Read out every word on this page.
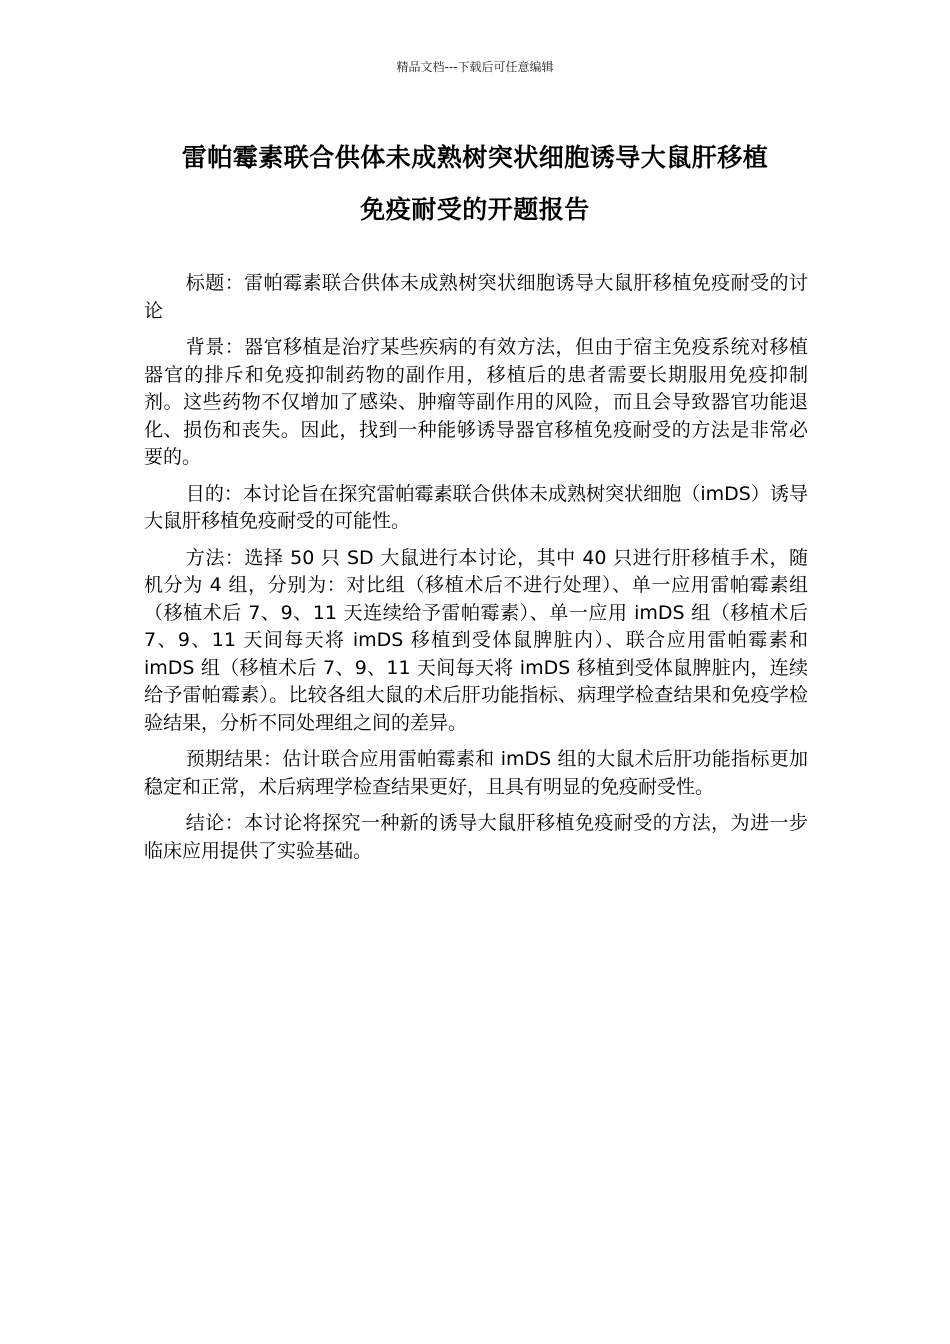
精品文档---下载后可任意编辑
雷帕霉素联合供体未成熟树突状细胞诱导大鼠肝移植
免疫耐受的开题报告

标题：雷帕霉素联合供体未成熟树突状细胞诱导大鼠肝移植免疫耐受的讨论

背景：器官移植是治疗某些疾病的有效方法，但由于宿主免疫系统对移植器官的排斥和免疫抑制药物的副作用，移植后的患者需要长期服用免疫抑制剂。这些药物不仅增加了感染、肿瘤等副作用的风险，而且会导致器官功能退化、损伤和丧失。因此，找到一种能够诱导器官移植免疫耐受的方法是非常必要的。

目的：本讨论旨在探究雷帕霉素联合供体未成熟树突状细胞（imDS）诱导大鼠肝移植免疫耐受的可能性。

方法：选择 50 只 SD 大鼠进行本讨论，其中 40 只进行肝移植手术，随机分为 4 组，分别为：对比组（移植术后不进行处理）、单一应用雷帕霉素组（移植术后 7、9、11 天连续给予雷帕霉素）、单一应用 imDS 组（移植术后 7、9、11 天间每天将 imDS 移植到受体鼠脾脏内）、联合应用雷帕霉素和 imDS 组（移植术后 7、9、11 天间每天将 imDS 移植到受体鼠脾脏内，连续给予雷帕霉素）。比较各组大鼠的术后肝功能指标、病理学检查结果和免疫学检验结果，分析不同处理组之间的差异。

预期结果：估计联合应用雷帕霉素和 imDS 组的大鼠术后肝功能指标更加稳定和正常，术后病理学检查结果更好，且具有明显的免疫耐受性。

结论：本讨论将探究一种新的诱导大鼠肝移植免疫耐受的方法，为进一步临床应用提供了实验基础。
